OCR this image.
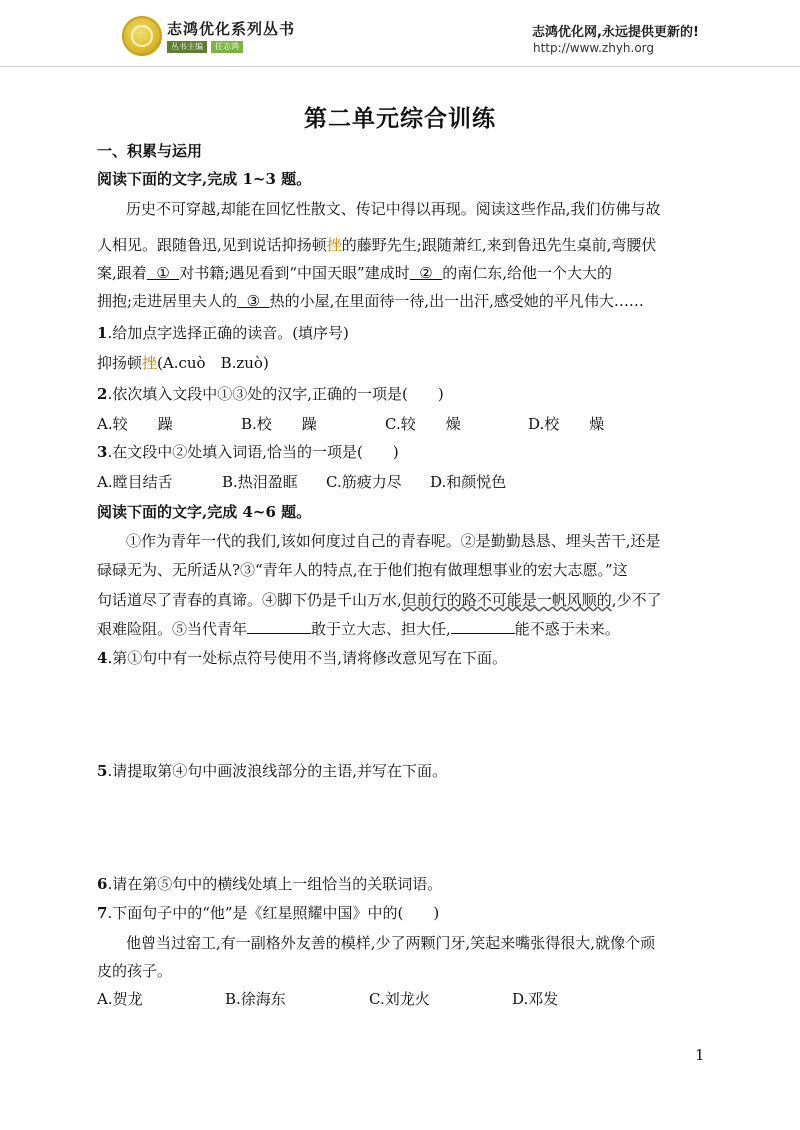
志鸿优化系列丛书
丛书主编	任志鸿
志鸿优化网,永远提供更新的!
http://www.zhyh.org
第二单元综合训练
一、积累与运用
阅读下面的文字,完成 1~3 题。
历史不可穿越,却能在回忆性散文、传记中得以再现。阅读这些作品,我们仿佛与故
人相见。跟随鲁迅,见到说话抑扬顿挫的藤野先生;跟随萧红,来到鲁迅先生桌前,弯腰伏
案,跟着  ①  对书籍;遇见看到“中国天眼”建成时  ②  的南仁东,给他一个大大的
拥抱;走进居里夫人的  ③  热的小屋,在里面待一待,出一出汗,感受她的平凡伟大……
1.给加点字选择正确的读音。(填序号)
抑扬顿挫(A.cuò　B.zuò)
2.依次填入文段中①③处的汉字,正确的一项是(　　)
A.较　　躁	B.校　　躁	C.较　　燥	D.校　　燥
3.在文段中②处填入词语,恰当的一项是(　　)
A.瞠目结舌	B.热泪盈眶 C.筋疲力尽 D.和颜悦色
阅读下面的文字,完成 4~6 题。
①作为青年一代的我们,该如何度过自己的青春呢。②是勤勤恳恳、埋头苦干,还是
碌碌无为、无所适从?③“青年人的特点,在于他们抱有做理想事业的宏大志愿。”这
句话道尽了青春的真谛。④脚下仍是千山万水,但前行的路不可能是一帆风顺的,少不了
艰难险阻。⑤当代青年	敢于立大志、担大任,	能不惑于未来。
4.第①句中有一处标点符号使用不当,请将修改意见写在下面。
5.请提取第④句中画波浪线部分的主语,并写在下面。
6.请在第⑤句中的横线处填上一组恰当的关联词语。
7.下面句子中的“他”是《红星照耀中国》中的(　　)
他曾当过窑工,有一副格外友善的模样,少了两颗门牙,笑起来嘴张得很大,就像个顽
皮的孩子。
A.贺龙	B.徐海东	C.刘龙火	D.邓发
1
